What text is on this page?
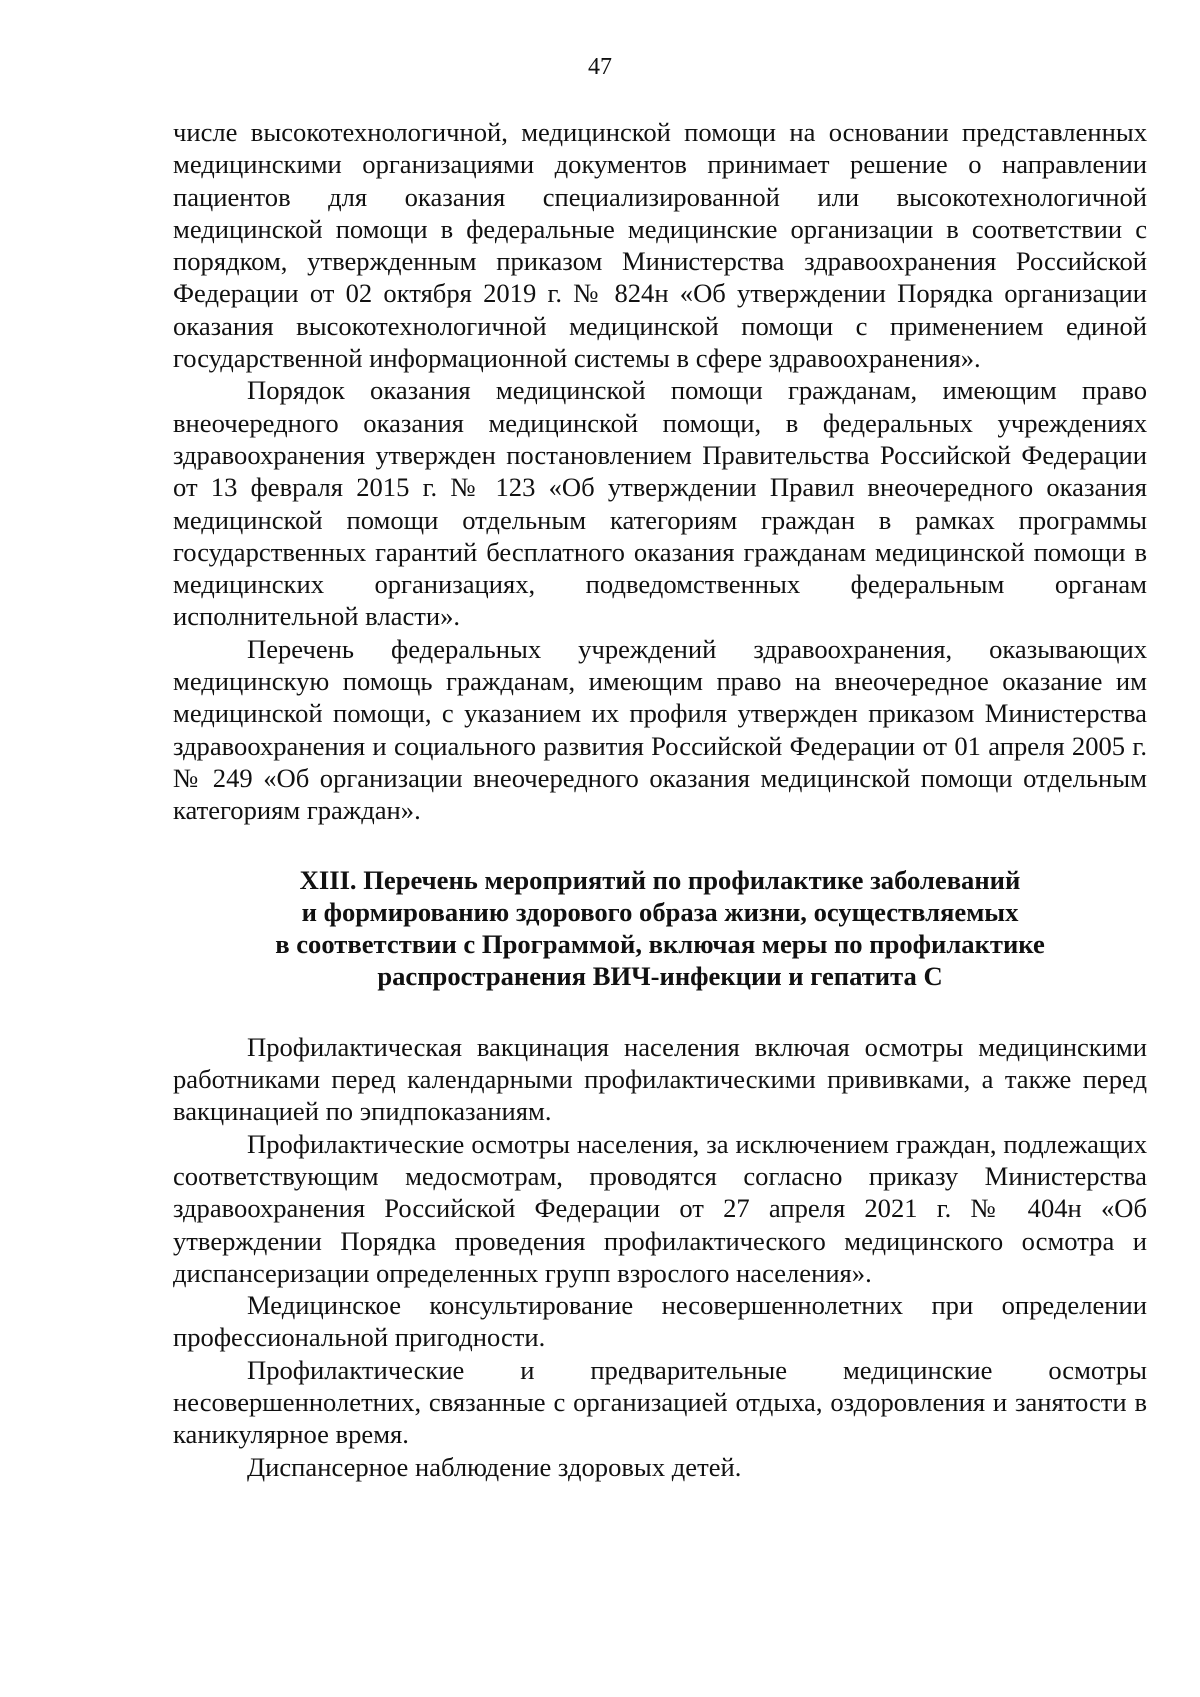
47

числе высокотехнологичной, медицинской помощи на основании представленных медицинскими организациями документов принимает решение о направлении пациентов для оказания специализированной или высокотехнологичной медицинской помощи в федеральные медицинские организации в соответствии с порядком, утвержденным приказом Министерства здравоохранения Российской Федерации от 02 октября 2019 г. № 824н «Об утверждении Порядка организации оказания высокотехнологичной медицинской помощи с применением единой государственной информационной системы в сфере здравоохранения».

Порядок оказания медицинской помощи гражданам, имеющим право внеочередного оказания медицинской помощи, в федеральных учреждениях здравоохранения утвержден постановлением Правительства Российской Федерации от 13 февраля 2015 г. № 123 «Об утверждении Правил внеочередного оказания медицинской помощи отдельным категориям граждан в рамках программы государственных гарантий бесплатного оказания гражданам медицинской помощи в медицинских организациях, подведомственных федеральным органам исполнительной власти».

Перечень федеральных учреждений здравоохранения, оказывающих медицинскую помощь гражданам, имеющим право на внеочередное оказание им медицинской помощи, с указанием их профиля утвержден приказом Министерства здравоохранения и социального развития Российской Федерации от 01 апреля 2005 г. № 249 «Об организации внеочередного оказания медицинской помощи отдельным категориям граждан».

XIII. Перечень мероприятий по профилактике заболеваний
и формированию здорового образа жизни, осуществляемых
в соответствии с Программой, включая меры по профилактике
распространения ВИЧ-инфекции и гепатита С

Профилактическая вакцинация населения включая осмотры медицинскими работниками перед календарными профилактическими прививками, а также перед вакцинацией по эпидпоказаниям.

Профилактические осмотры населения, за исключением граждан, подлежащих соответствующим медосмотрам, проводятся согласно приказу Министерства здравоохранения Российской Федерации от 27 апреля 2021 г. № 404н «Об утверждении Порядка проведения профилактического медицинского осмотра и диспансеризации определенных групп взрослого населения».

Медицинское консультирование несовершеннолетних при определении профессиональной пригодности.

Профилактические и предварительные медицинские осмотры несовершеннолетних, связанные с организацией отдыха, оздоровления и занятости в каникулярное время.

Диспансерное наблюдение здоровых детей.
